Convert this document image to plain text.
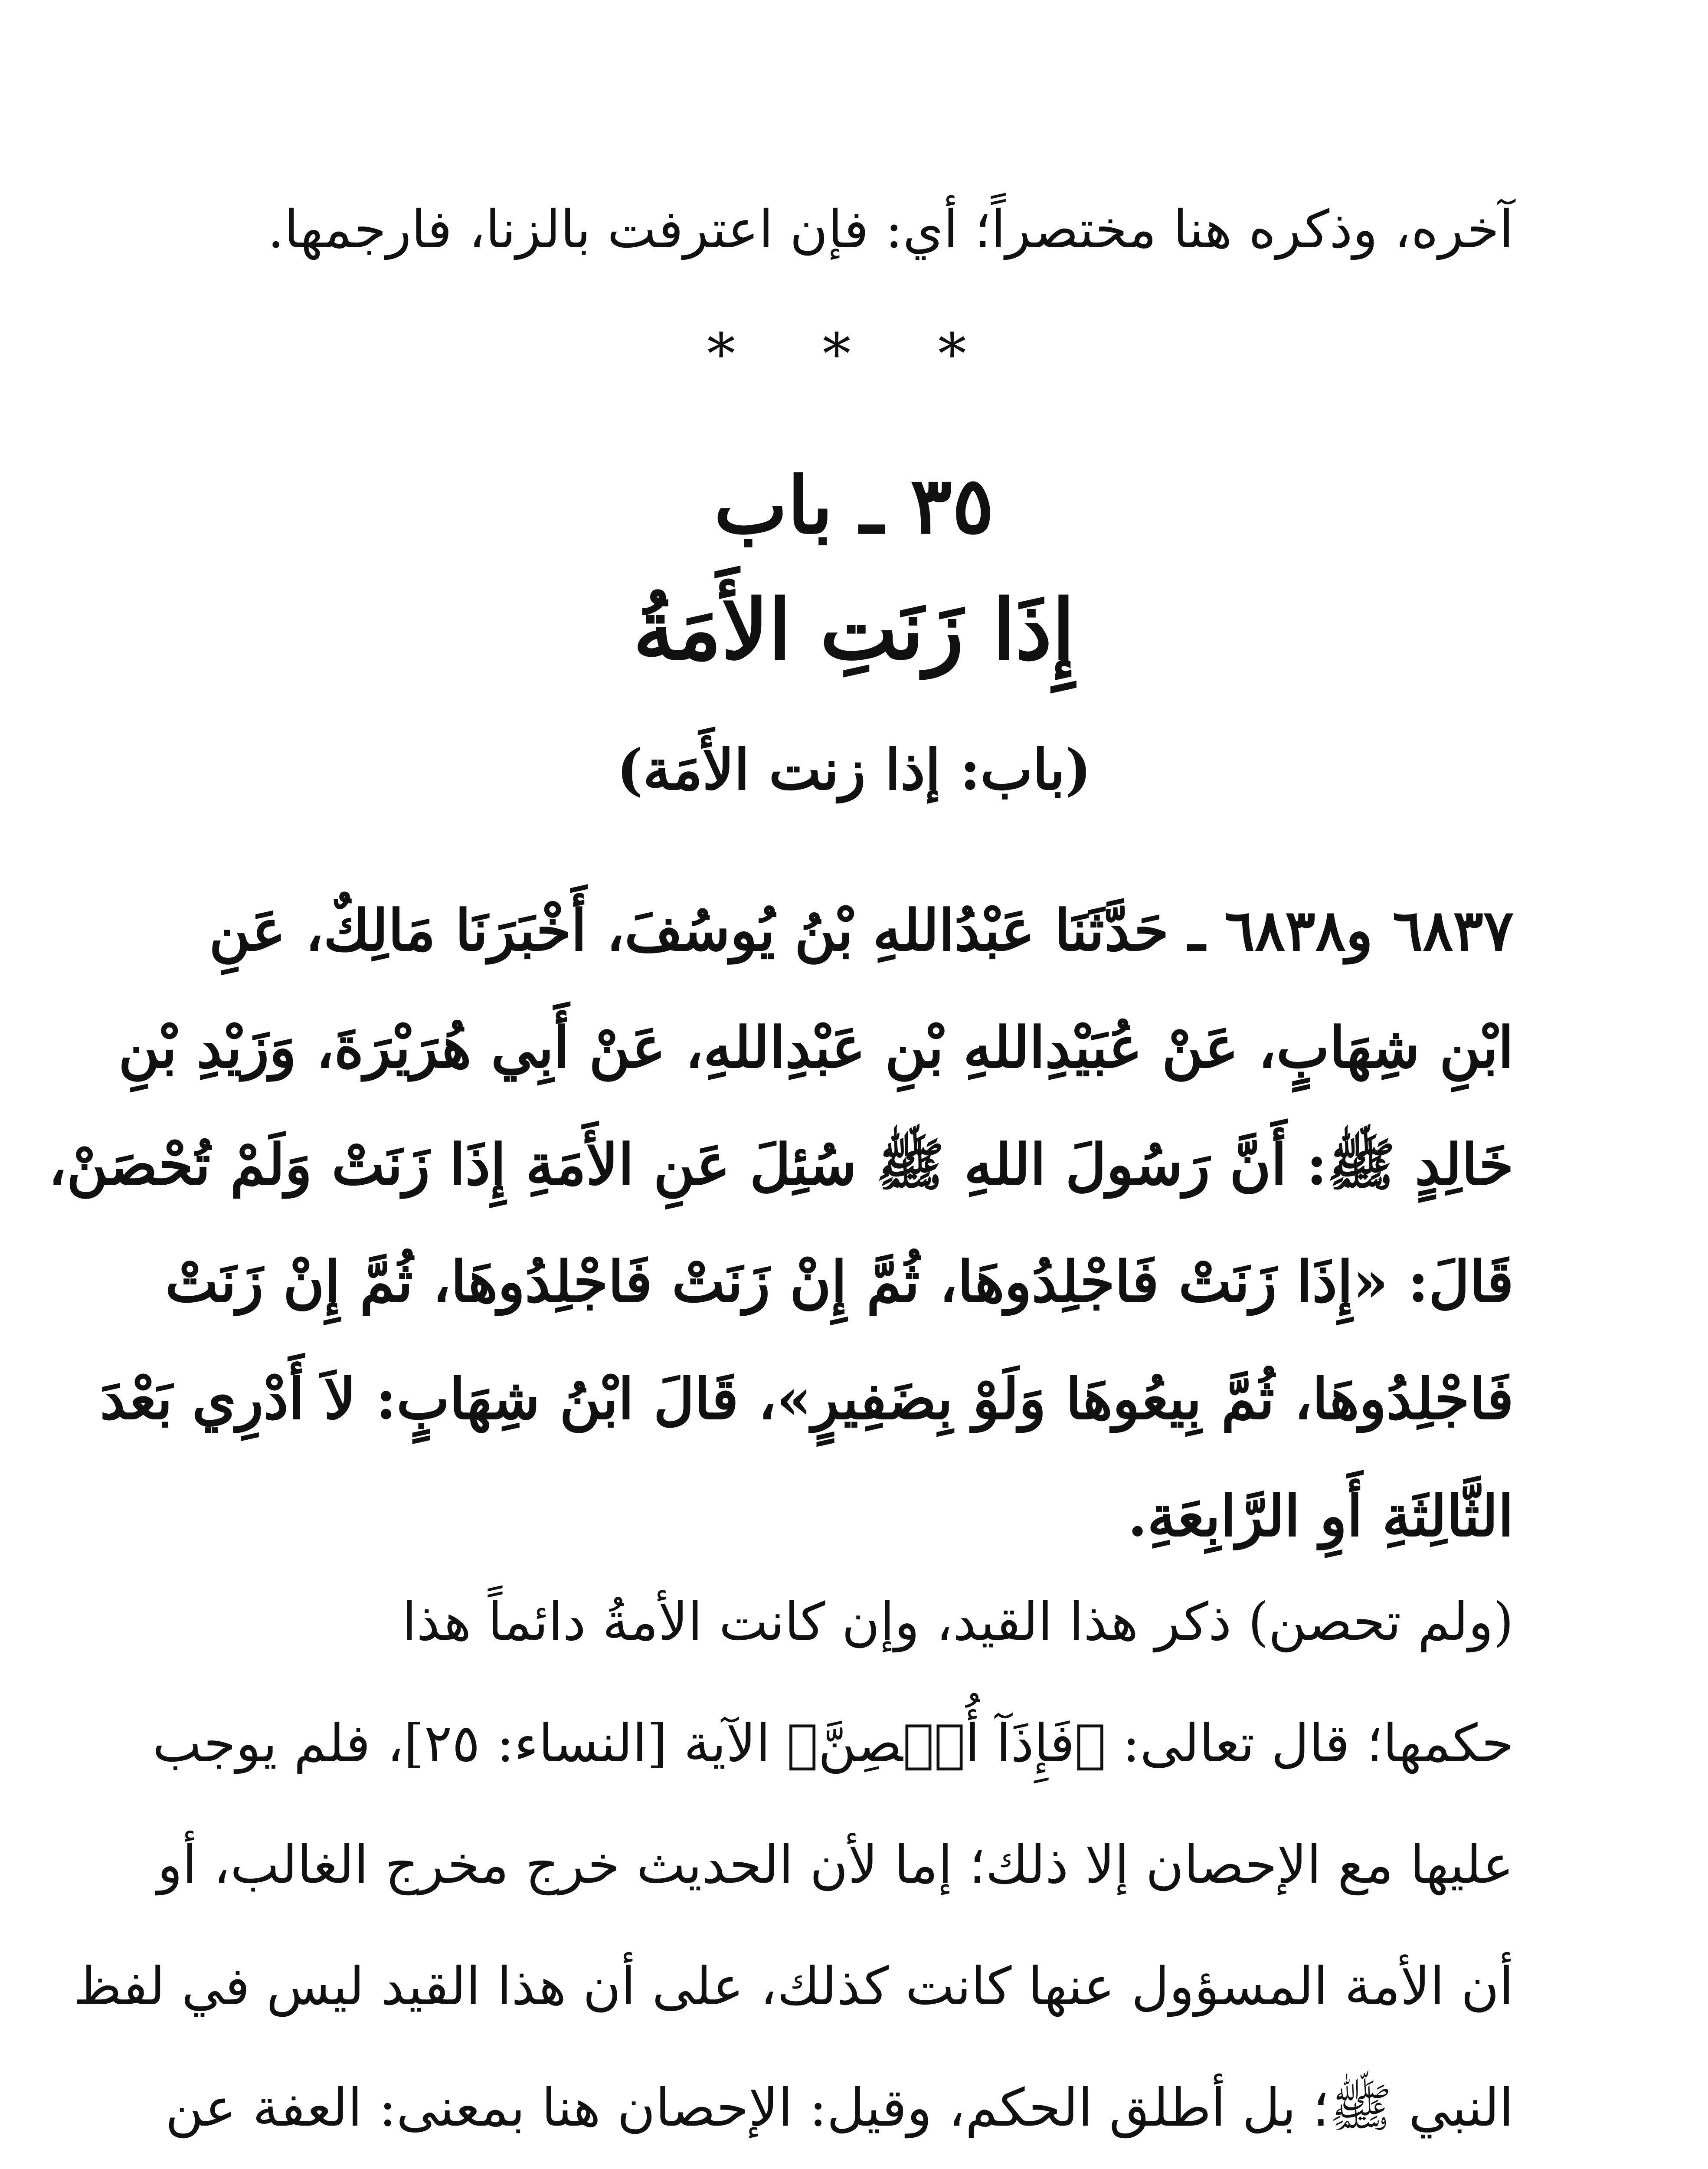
آخره، وذكره هنا مختصراً؛ أي: فإن اعترفت بالزنا، فارجمها.
* * *
٣٥ ـ باب
إِذَا زَنَتِ الأَمَةُ
(باب: إذا زنت الأَمَة)
٦٨٣٧ و٦٨٣٨ ـ حَدَّثَنَا عَبْدُاللهِ بْنُ يُوسُفَ، أَخْبَرَنَا مَالِكٌ، عَنِ
ابْنِ شِهَابٍ، عَنْ عُبَيْدِاللهِ بْنِ عَبْدِاللهِ، عَنْ أَبِي هُرَيْرَةَ، وَزَيْدِ بْنِ
خَالِدٍ ﷺ: أَنَّ رَسُولَ اللهِ ﷺ سُئِلَ عَنِ الأَمَةِ إِذَا زَنَتْ وَلَمْ تُحْصَنْ،
قَالَ: «إِذَا زَنَتْ فَاجْلِدُوهَا، ثُمَّ إِنْ زَنَتْ فَاجْلِدُوهَا، ثُمَّ إِنْ زَنَتْ
فَاجْلِدُوهَا، ثُمَّ بِيعُوهَا وَلَوْ بِضَفِيرٍ»، قَالَ ابْنُ شِهَابٍ: لاَ أَدْرِي بَعْدَ
الثَّالِثَةِ أَوِ الرَّابِعَةِ.
(ولم تحصن) ذكر هذا القيد، وإن كانت الأمةُ دائماً هذا
حكمها؛ قال تعالى: ﴿فَإِذَآ أُحۡصِنَّ﴾ الآية [النساء: ٢٥]، فلم يوجب
عليها مع الإحصان إلا ذلك؛ إما لأن الحديث خرج مخرج الغالب، أو
أن الأمة المسؤول عنها كانت كذلك، على أن هذا القيد ليس في لفظ
النبي ﷺ؛ بل أطلق الحكم، وقيل: الإحصان هنا بمعنى: العفة عن
